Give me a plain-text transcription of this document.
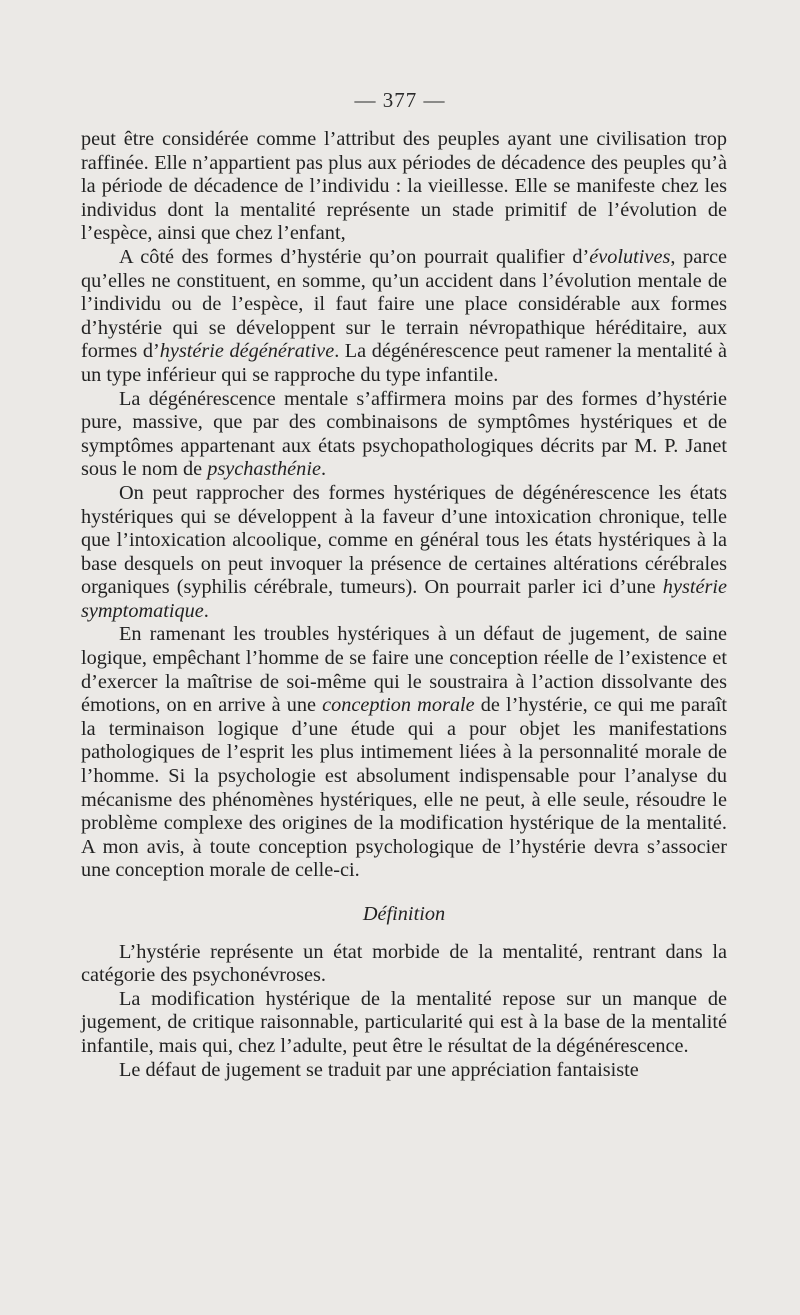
— 377 —

peut être considérée comme l’attribut des peuples ayant une civilisation trop raffinée. Elle n’appartient pas plus aux périodes de décadence des peuples qu’à la période de décadence de l’individu : la vieillesse. Elle se manifeste chez les individus dont la mentalité représente un stade primitif de l’évolution de l’espèce, ainsi que chez l’enfant,

A côté des formes d’hystérie qu’on pourrait qualifier d’évolutives, parce qu’elles ne constituent, en somme, qu’un accident dans l’évolution mentale de l’individu ou de l’espèce, il faut faire une place considérable aux formes d’hystérie qui se développent sur le terrain névropathique héréditaire, aux formes d’hystérie dégénérative. La dégénérescence peut ramener la mentalité à un type inférieur qui se rapproche du type infantile.

La dégénérescence mentale s’affirmera moins par des formes d’hystérie pure, massive, que par des combinaisons de symptômes hystériques et de symptômes appartenant aux états psychopathologiques décrits par M. P. Janet sous le nom de psychasthénie.

On peut rapprocher des formes hystériques de dégénérescence les états hystériques qui se développent à la faveur d’une intoxication chronique, telle que l’intoxication alcoolique, comme en général tous les états hystériques à la base desquels on peut invoquer la présence de certaines altérations cérébrales organiques (syphilis cérébrale, tumeurs). On pourrait parler ici d’une hystérie symptomatique.

En ramenant les troubles hystériques à un défaut de jugement, de saine logique, empêchant l’homme de se faire une conception réelle de l’existence et d’exercer la maîtrise de soi-même qui le soustraira à l’action dissolvante des émotions, on en arrive à une conception morale de l’hystérie, ce qui me paraît la terminaison logique d’une étude qui a pour objet les manifestations pathologiques de l’esprit les plus intimement liées à la personnalité morale de l’homme. Si la psychologie est absolument indispensable pour l’analyse du mécanisme des phénomènes hystériques, elle ne peut, à elle seule, résoudre le problème complexe des origines de la modification hystérique de la mentalité. A mon avis, à toute conception psychologique de l’hystérie devra s’associer une conception morale de celle-ci.

Définition

L’hystérie représente un état morbide de la mentalité, rentrant dans la catégorie des psychonévroses.

La modification hystérique de la mentalité repose sur un manque de jugement, de critique raisonnable, particularité qui est à la base de la mentalité infantile, mais qui, chez l’adulte, peut être le résultat de la dégénérescence.

Le défaut de jugement se traduit par une appréciation fantaisiste
